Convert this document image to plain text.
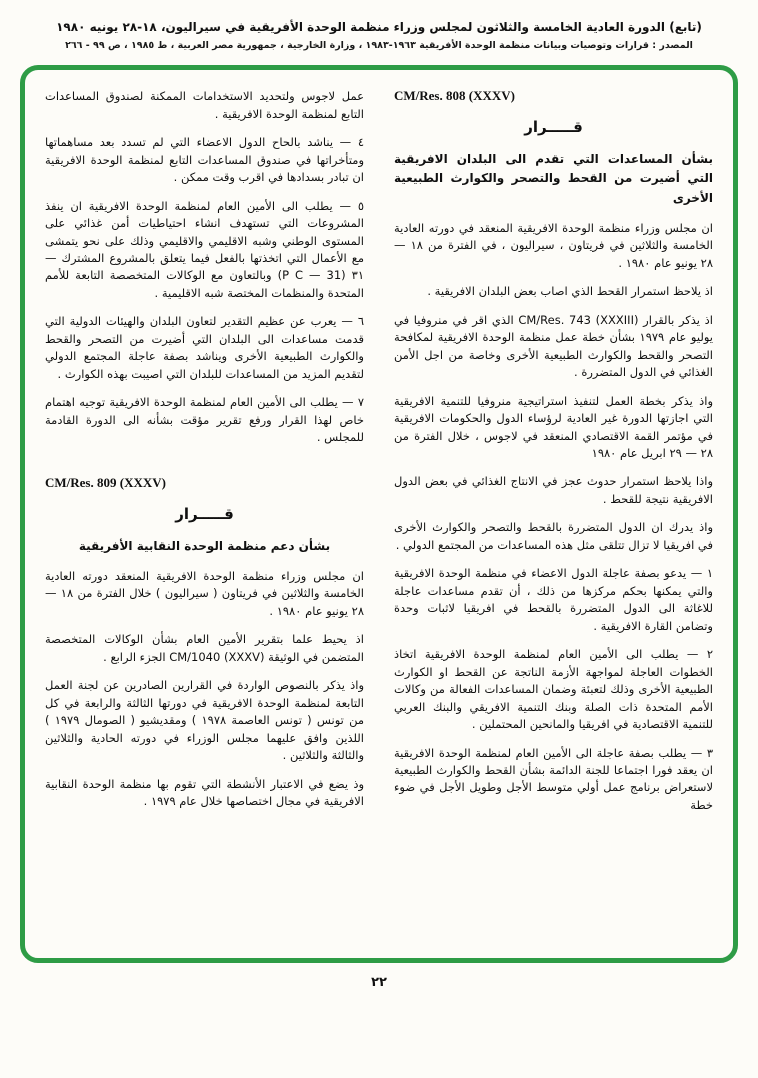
(تابع) الدورة العادية الخامسة والثلاثون لمجلس وزراء منظمة الوحدة الأفريقية في سيراليون، ١٨-٢٨ يونيه ١٩٨٠
المصدر : قرارات وتوصيات وبيانات منظمة الوحدة الأفريقية ١٩٦٣-١٩٨٣ ، وزارة الخارجية ، جمهورية مصر العربية ، ط ١٩٨٥ ، ص ٩٩ - ٢٦٦
CM/Res. 808 (XXXV)
قـــــرار
بشأن المساعدات التي تقدم الى البلدان الافريقية التي أضيرت من القحط والتصحر والكوارث الطبيعية الأخرى

ان مجلس وزراء منظمة الوحدة الافريقية المنعقد في دورته العادية الخامسة والثلاثين في فريتاون ، سيراليون ، في الفترة من ١٨ — ٢٨ يونيو عام ١٩٨٠ .

اذ يلاحظ استمرار القحط الذي اصاب بعض البلدان الافريقية .

اذ يذكر بالقرار CM/Res. 743 (XXXIII) الذي اقر في منروفيا في يوليو عام ١٩٧٩ بشأن خطة عمل منظمة الوحدة الافريقية لمكافحة التصحر والقحط والكوارث الطبيعية الأخرى وخاصة من اجل الأمن الغذائي في الدول المتضررة .

واذ يذكر بخطة العمل لتنفيذ استراتيجية منروفيا للتنمية الافريقية التي اجازتها الدورة غير العادية لرؤساء الدول والحكومات الافريقية في مؤتمر القمة الاقتصادي المنعقد في لاجوس ، خلال الفترة من ٢٨ — ٢٩ ابريل عام ١٩٨٠

واذا يلاحظ استمرار حدوث عجز في الانتاج الغذائي في بعض الدول الافريقية نتيجة للقحط .

واذ يدرك ان الدول المتضررة بالقحط والتصحر والكوارث الأخرى في افريقيا لا تزال تتلقى مثل هذه المساعدات من المجتمع الدولي .

١ — يدعو بصفة عاجلة الدول الاعضاء في منظمة الوحدة الافريقية والتي يمكنها بحكم مركزها من ذلك ، أن تقدم مساعدات عاجلة للاغاثة الى الدول المتضررة بالقحط في افريقيا لاثبات وحدة وتضامن القارة الافريقية .

٢ — يطلب الى الأمين العام لمنظمة الوحدة الافريقية اتخاذ الخطوات العاجلة لمواجهة الأزمة الناتجة عن القحط او الكوارث الطبيعية الأخرى وذلك لتعبئة وضمان المساعدات الفعالة من وكالات الأمم المتحدة ذات الصلة وبنك التنمية الافريقي والبنك العربي للتنمية الاقتصادية في افريقيا والمانحين المحتملين .

٣ — يطلب بصفة عاجلة الى الأمين العام لمنظمة الوحدة الافريقية ان يعقد فورا اجتماعا للجنة الدائمة بشأن القحط والكوارث الطبيعية لاستعراض برنامج عمل أولي متوسط الأجل وطويل الأجل في ضوء خطة

عمل لاجوس ولتحديد الاستخدامات الممكنة لصندوق المساعدات التابع لمنظمة الوحدة الافريقية .

٤ — يناشد بالحاح الدول الاعضاء التي لم تسدد بعد مساهماتها ومتأخراتها في صندوق المساعدات التابع لمنظمة الوحدة الافريقية ان تبادر بسدادها في اقرب وقت ممكن .

٥ — يطلب الى الأمين العام لمنظمة الوحدة الافريقية ان ينفذ المشروعات التي تستهدف انشاء احتياطيات أمن غذائي على المستوى الوطني وشبه الاقليمي والاقليمي وذلك على نحو يتمشى مع الأعمال التي اتخذتها بالفعل فيما يتعلق بالمشروع المشترك — ٣١ (P C — 31) وبالتعاون مع الوكالات المتخصصة التابعة للأمم المتحدة والمنظمات المختصة شبه الاقليمية .

٦ — يعرب عن عظيم التقدير لتعاون البلدان والهيئات الدولية التي قدمت مساعدات الى البلدان التي أضيرت من التصحر والقحط والكوارث الطبيعية الأخرى ويناشد بصفة عاجلة المجتمع الدولي لتقديم المزيد من المساعدات للبلدان التي اصيبت بهذه الكوارث .

٧ — يطلب الى الأمين العام لمنظمة الوحدة الافريقية توجيه اهتمام خاص لهذا القرار ورفع تقرير مؤقت بشأنه الى الدورة القادمة للمجلس .

CM/Res. 809 (XXXV)
قـــــرار
بشأن دعم منظمة الوحدة النقابية الأفريقية

ان مجلس وزراء منظمة الوحدة الافريقية المنعقد دورته العادية الخامسة والثلاثين في فريتاون ( سيراليون ) خلال الفترة من ١٨ — ٢٨ يونيو عام ١٩٨٠ .

اذ يحيط علما بتقرير الأمين العام بشأن الوكالات المتخصصة المتضمن في الوثيقة CM/1040 (XXXV) الجزء الرابع .

واذ يذكر بالنصوص الواردة في القرارين الصادرين عن لجنة العمل التابعة لمنظمة الوحدة الافريقية في دورتها الثالثة والرابعة في كل من تونس ( تونس العاصمة ١٩٧٨ ) ومقديشيو ( الصومال ١٩٧٩ ) اللذين وافق عليهما مجلس الوزراء في دورته الحادية والثلاثين والثالثة والثلاثين .

وذ يضع في الاعتبار الأنشطة التي تقوم بها منظمة الوحدة النقابية الافريقية في مجال اختصاصها خلال عام ١٩٧٩ .

٢٢
